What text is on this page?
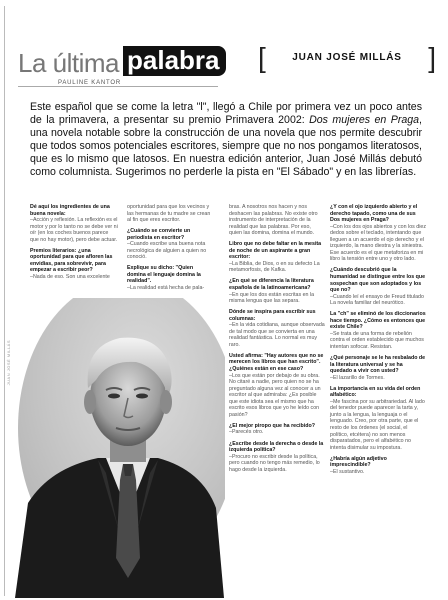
La última palabra
PAULINE KANTOR
[	JUAN JOSÉ MILLÁS ]
Este español que se come la letra "l", llegó a Chile por primera vez un poco antes de la primavera, a presentar su premio Primavera 2002: Dos mujeres en Praga, una novela notable sobre la construcción de una novela que nos permite descubrir que todos somos potenciales escritores, siempre que no nos pongamos literatosos, que es lo mismo que latosos. En nuestra edición anterior, Juan José Millás debutó como columnista. Sugerimos no perderle la pista en "El Sábado" y en las librerías.
JUAN JOSÉ MILLÁS

Dé aquí los ingredientes de una buena novela:
–Acción y reflexión. La reflexión es el motor y por lo tanto no se debe ver ni oír (en los coches buenos parece que no hay motor), pero debe actuar.

Premios literarios: ¿una oportunidad para que afloren las envidias, para sobrevivir, para empezar a escribir peor?
–Nada de eso. Son una excelente

oportunidad para que los vecinos y las hermanas de tu madre se crean al fin que eres escritor.

¿Cuándo se convierte un periodista en escritor?
–Cuando escribe una buena nota necrológica de alguien a quien no conoció.

Explique su dicho: "Quien domina el lenguaje domina la realidad".
–La realidad está hecha de pala-

bras. A nosotros nos hacen y nos deshacen las palabras. No existe otro instrumento de interpretación de la realidad que las palabras. Por eso, quien las domina, domina el mundo.

Libro que no debe faltar en la mesita de noche de un aspirante a gran escritor:
–La Biblia, de Dios, o en su defecto La metamorfosis, de Kafka.

¿En qué se diferencia la literatura española de la latinoamericana?
–En que los dos están escritas en la misma lengua que las separa.

Dónde se inspira para escribir sus columnas:
–En la vida cotidiana, aunque observada de tal modo que se convierta en una realidad fantástica. Lo normal es muy raro.

Usted afirma: "Hay autores que no se merecen los libros que han escrito". ¿Quiénes están en ese caso?
–Los que están por debajo de su obra. No citaré a nadie, pero quien no se ha preguntado alguna vez al conocer a un escritor al que admiraba: ¿Es posible que este idiota sea el mismo que ha escrito esos libros que yo he leído con pasión?

¿El mejor piropo que ha recibido?
–Parecés otro.

¿Escribe desde la derecha o desde la izquierda política?
–Procuro no escribir desde la política, pero cuando no tengo más remedio, lo hago desde la izquierda.

¿Y con el ojo izquierdo abierto y el derecho tapado, como una de sus Dos mujeres en Praga?
–Con los dos ojos abiertos y con los diez dedos sobre el teclado, intentando que lleguen a un acuerdo el ojo derecho y el izquierdo, la mano diestra y la siniestra. Ese acuerdo es el que metaforiza en mi libro la tensión entre uno y otro lado.

¿Cuándo descubrió que la humanidad se distingue entre los que sospechan que son adoptados y los que no?
–Cuando leí el ensayo de Freud titulado La novela familiar del neurótico.

La "ch" se eliminó de los diccionarios hace tiempo. ¿Cómo es entonces que existe Chile?
–Se trata de una forma de rebelión contra el orden establecido que muchos intentan sofocar. Resistan.

¿Qué personaje se le ha resbalado de la literatura universal y se ha quedado a vivir con usted?
–El lazarillo de Tormes.

La importancia en su vida del orden alfabético:
–Me fascina por su arbitrariedad. Al lado del tenedor puede aparecer la tarta y, junto a la lengua, la lenguaja o el lenguado. Creo, por otra parte, que el resto de los órdenes (el social, el político, etcétera) no son menos disparatados, pero el alfabético no intenta disimular su impostura.

¿Habría algún adjetivo imprescindible?
–El sustantivo.
